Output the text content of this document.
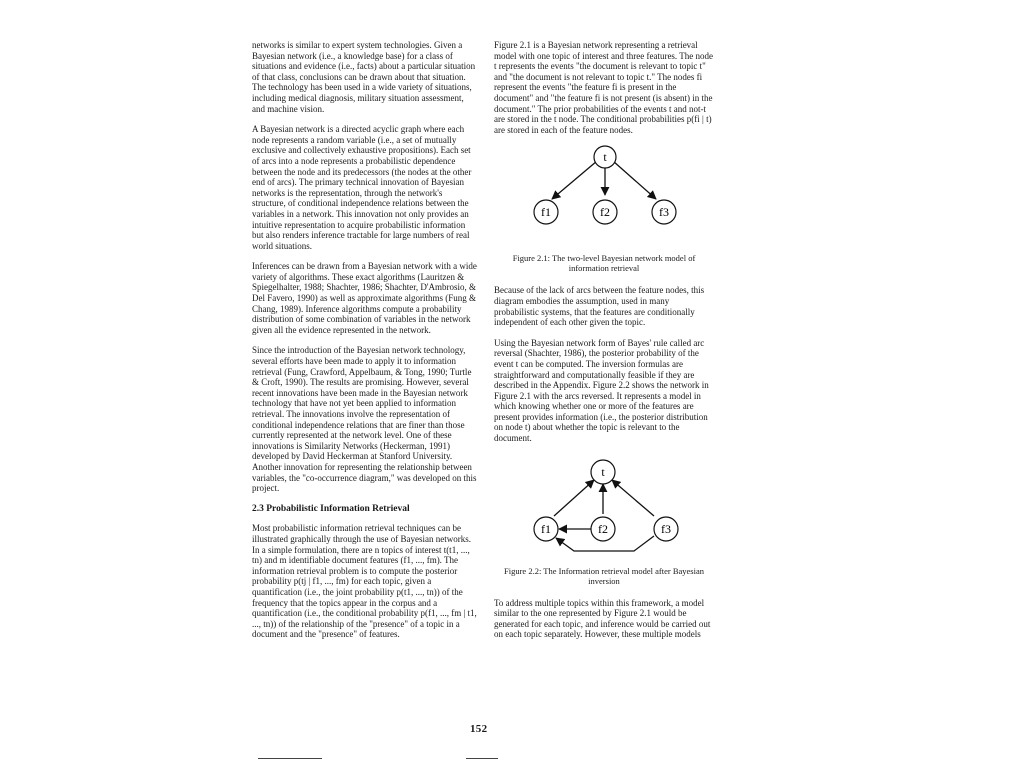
networks is similar to expert system technologies. Given a Bayesian network (i.e., a knowledge base) for a class of situations and evidence (i.e., facts) about a particular situation of that class, conclusions can be drawn about that situation. The technology has been used in a wide variety of situations, including medical diagnosis, military situation assessment, and machine vision.

A Bayesian network is a directed acyclic graph where each node represents a random variable (i.e., a set of mutually exclusive and collectively exhaustive propositions). Each set of arcs into a node represents a probabilistic dependence between the node and its predecessors (the nodes at the other end of arcs). The primary technical innovation of Bayesian networks is the representation, through the network's structure, of conditional independence relations between the variables in a network. This innovation not only provides an intuitive representation to acquire probabilistic information but also renders inference tractable for large numbers of real world situations.

Inferences can be drawn from a Bayesian network with a wide variety of algorithms. These exact algorithms (Lauritzen & Spiegelhalter, 1988; Shachter, 1986; Shachter, D'Ambrosio, & Del Favero, 1990) as well as approximate algorithms (Fung & Chang, 1989). Inference algorithms compute a probability distribution of some combination of variables in the network given all the evidence represented in the network.

Since the introduction of the Bayesian network technology, several efforts have been made to apply it to information retrieval (Fung, Crawford, Appelbaum, & Tong, 1990; Turtle & Croft, 1990). The results are promising. However, several recent innovations have been made in the Bayesian network technology that have not yet been applied to information retrieval. The innovations involve the representation of conditional independence relations that are finer than those currently represented at the network level. One of these innovations is Similarity Networks (Heckerman, 1991) developed by David Heckerman at Stanford University. Another innovation for representing the relationship between variables, the "co-occurrence diagram," was developed on this project.

2.3 Probabilistic Information Retrieval

Most probabilistic information retrieval techniques can be illustrated graphically through the use of Bayesian networks. In a simple formulation, there are n topics of interest t(t1, ..., tn) and m identifiable document features (f1, ..., fm). The information retrieval problem is to compute the posterior probability p(tj | f1, ..., fm) for each topic, given a quantification (i.e., the joint probability p(t1, ..., tn)) of the frequency that the topics appear in the corpus and a quantification (i.e., the conditional probability p(f1, ..., fm | t1, ..., tn)) of the relationship of the "presence" of a topic in a document and the "presence" of features.

Figure 2.1 is a Bayesian network representing a retrieval model with one topic of interest and three features. The node t represents the events "the document is relevant to topic t" and "the document is not relevant to topic t." The nodes fi represent the events "the feature fi is present in the document" and "the feature fi is not present (is absent) in the document." The prior probabilities of the events t and not-t are stored in the t node. The conditional probabilities p(fi | t) are stored in each of the feature nodes.

t
f1	f2	f3
Figure 2.1: The two-level Bayesian network model of information retrieval

Because of the lack of arcs between the feature nodes, this diagram embodies the assumption, used in many probabilistic systems, that the features are conditionally independent of each other given the topic.

Using the Bayesian network form of Bayes' rule called arc reversal (Shachter, 1986), the posterior probability of the event t can be computed. The inversion formulas are straightforward and computationally feasible if they are described in the Appendix. Figure 2.2 shows the network in Figure 2.1 with the arcs reversed. It represents a model in which knowing whether one or more of the features are present provides information (i.e., the posterior distribution on node t) about whether the topic is relevant to the document.

t
f1	f2	f3
Figure 2.2: The Information retrieval model after Bayesian inversion

To address multiple topics within this framework, a model similar to the one represented by Figure 2.1 would be generated for each topic, and inference would be carried out on each topic separately. However, these multiple models

152
